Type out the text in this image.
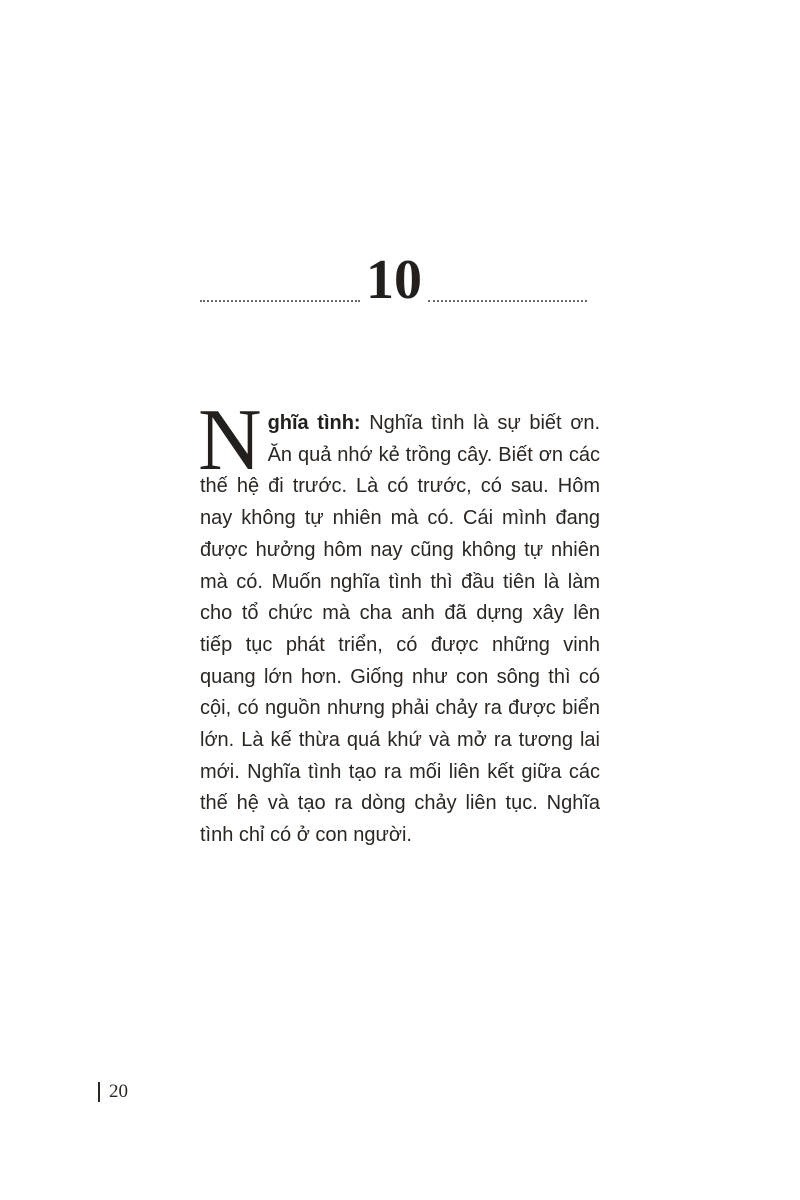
10
Nghĩa tình: Nghĩa tình là sự biết ơn. Ăn quả nhớ kẻ trồng cây. Biết ơn các thế hệ đi trước. Là có trước, có sau. Hôm nay không tự nhiên mà có. Cái mình đang được hưởng hôm nay cũng không tự nhiên mà có. Muốn nghĩa tình thì đầu tiên là làm cho tổ chức mà cha anh đã dựng xây lên tiếp tục phát triển, có được những vinh quang lớn hơn. Giống như con sông thì có cội, có nguồn nhưng phải chảy ra được biển lớn. Là kế thừa quá khứ và mở ra tương lai mới. Nghĩa tình tạo ra mối liên kết giữa các thế hệ và tạo ra dòng chảy liên tục. Nghĩa tình chỉ có ở con người.
20
